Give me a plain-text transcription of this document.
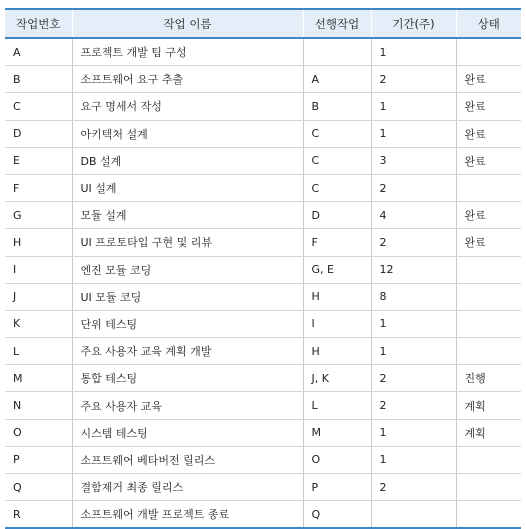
작업번호	작업 이름	선행작업	기간(주)	상태
A	프로젝트 개발 팀 구성		1	
B	소프트웨어 요구 추출	A	2	완료
C	요구 명세서 작성	B	1	완료
D	아키텍처 설계	C	1	완료
E	DB 설계	C	3	완료
F	UI 설계	C	2	
G	모듈 설계	D	4	완료
H	UI 프로토타입 구현 및 리뷰	F	2	완료
I	엔진 모듈 코딩	G, E	12	
J	UI 모듈 코딩	H	8	
K	단위 테스팅	I	1	
L	주요 사용자 교육 계획 개발	H	1	
M	통합 테스팅	J, K	2	진행
N	주요 사용자 교육	L	2	계획
O	시스템 테스팅	M	1	계획
P	소프트웨어 베타버전 릴리스	O	1	
Q	결함제거 최종 릴리스	P	2	
R	소프트웨어 개발 프로젝트 종료	Q		
